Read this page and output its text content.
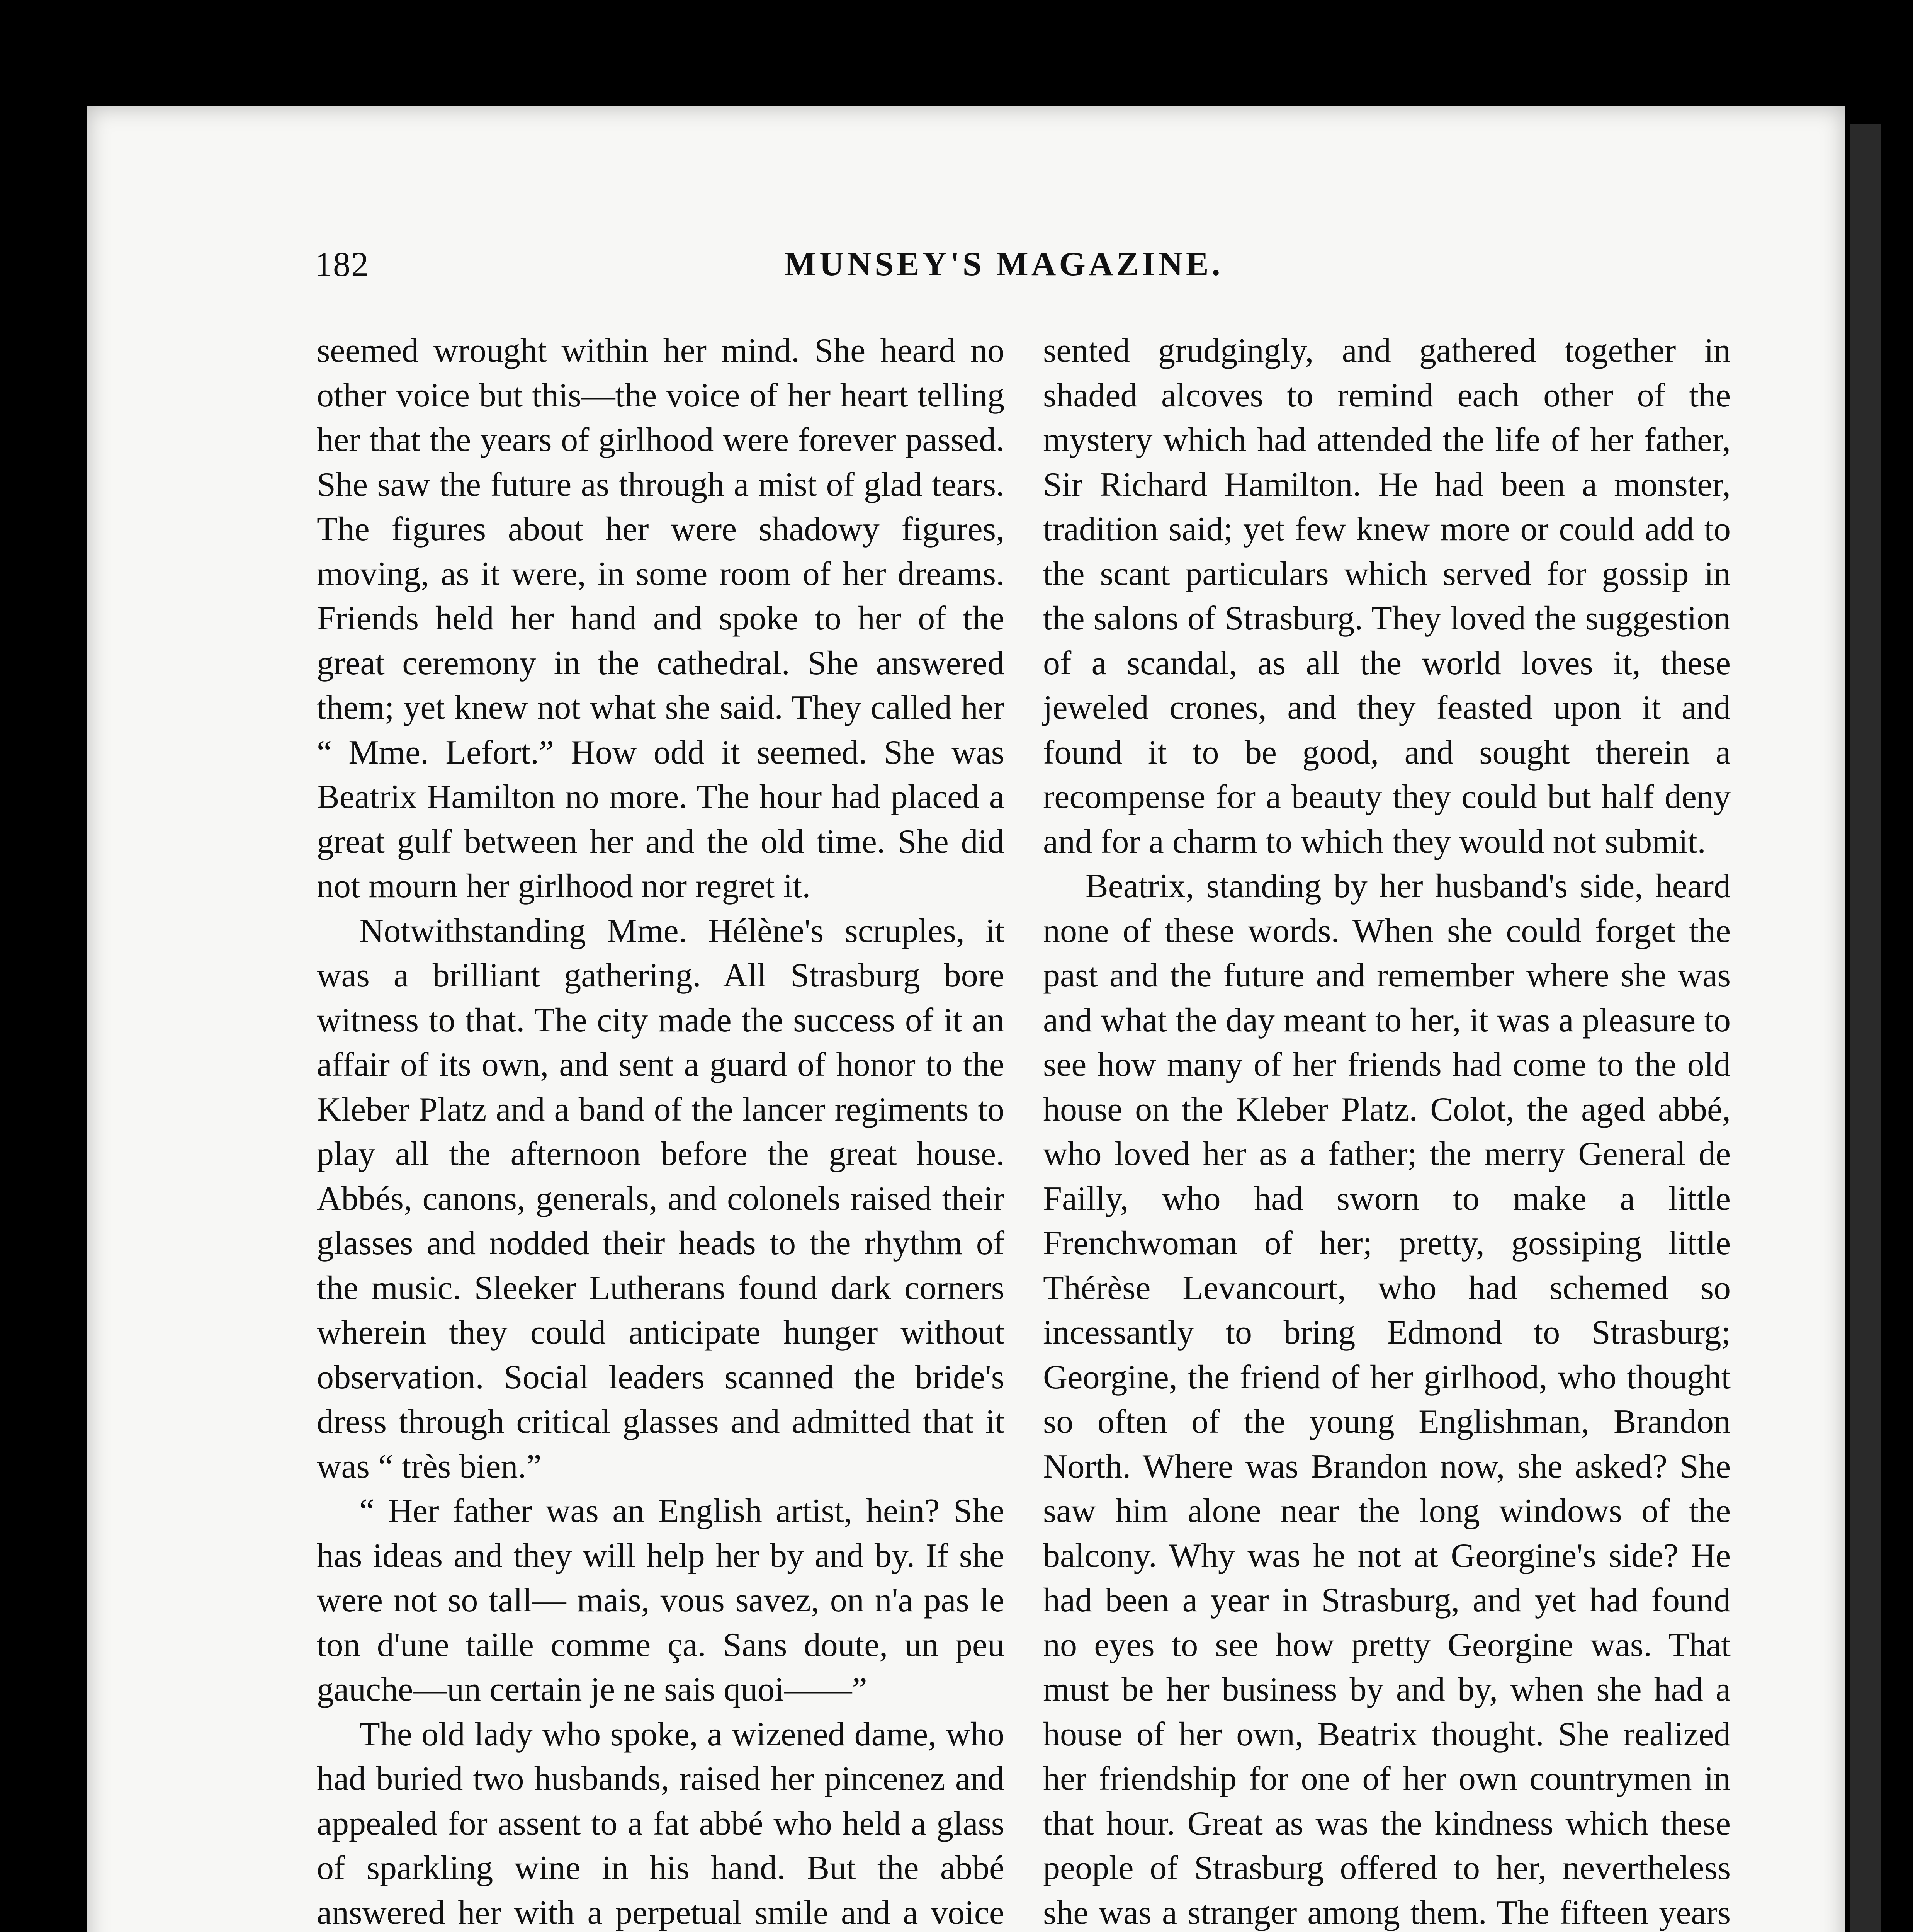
182	MUNSEY'S MAGAZINE.

seemed wrought within her mind. She heard no other voice but this—the voice of her heart telling her that the years of girlhood were forever passed. She saw the future as through a mist of glad tears. The figures about her were shadowy figures, moving, as it were, in some room of her dreams. Friends held her hand and spoke to her of the great ceremony in the cathedral. She answered them; yet knew not what she said. They called her “ Mme. Lefort.” How odd it seemed. She was Beatrix Hamilton no more. The hour had placed a great gulf between her and the old time. She did not mourn her girlhood nor regret it.

Notwithstanding Mme. Hélène's scruples, it was a brilliant gathering. All Strasburg bore witness to that. The city made the success of it an affair of its own, and sent a guard of honor to the Kleber Platz and a band of the lancer regiments to play all the afternoon before the great house. Abbés, canons, generals, and colonels raised their glasses and nodded their heads to the rhythm of the music. Sleeker Lutherans found dark corners wherein they could anticipate hunger without observation. Social leaders scanned the bride's dress through critical glasses and admitted that it was “ très bien.”

“ Her father was an English artist, hein? She has ideas and they will help her by and by. If she were not so tall— mais, vous savez, on n'a pas le ton d'une taille comme ça. Sans doute, un peu gauche—un certain je ne sais quoi——”

The old lady who spoke, a wizened dame, who had buried two husbands, raised her pincenez and appealed for assent to a fat abbé who held a glass of sparkling wine in his hand. But the abbé answered her with a perpetual smile and a voice

sented grudgingly, and gathered together in shaded alcoves to remind each other of the mystery which had attended the life of her father, Sir Richard Hamilton. He had been a monster, tradition said; yet few knew more or could add to the scant particulars which served for gossip in the salons of Strasburg. They loved the suggestion of a scandal, as all the world loves it, these jeweled crones, and they feasted upon it and found it to be good, and sought therein a recompense for a beauty they could but half deny and for a charm to which they would not submit.

Beatrix, standing by her husband's side, heard none of these words. When she could forget the past and the future and remember where she was and what the day meant to her, it was a pleasure to see how many of her friends had come to the old house on the Kleber Platz. Colot, the aged abbé, who loved her as a father; the merry General de Failly, who had sworn to make a little Frenchwoman of her; pretty, gossiping little Thérèse Levancourt, who had schemed so incessantly to bring Edmond to Strasburg; Georgine, the friend of her girlhood, who thought so often of the young Englishman, Brandon North. Where was Brandon now, she asked? She saw him alone near the long windows of the balcony. Why was he not at Georgine's side? He had been a year in Strasburg, and yet had found no eyes to see how pretty Georgine was. That must be her business by and by, when she had a house of her own, Beatrix thought. She realized her friendship for one of her own countrymen in that hour. Great as was the kindness which these people of Strasburg offered to her, nevertheless she was a stranger among them. The fifteen years
